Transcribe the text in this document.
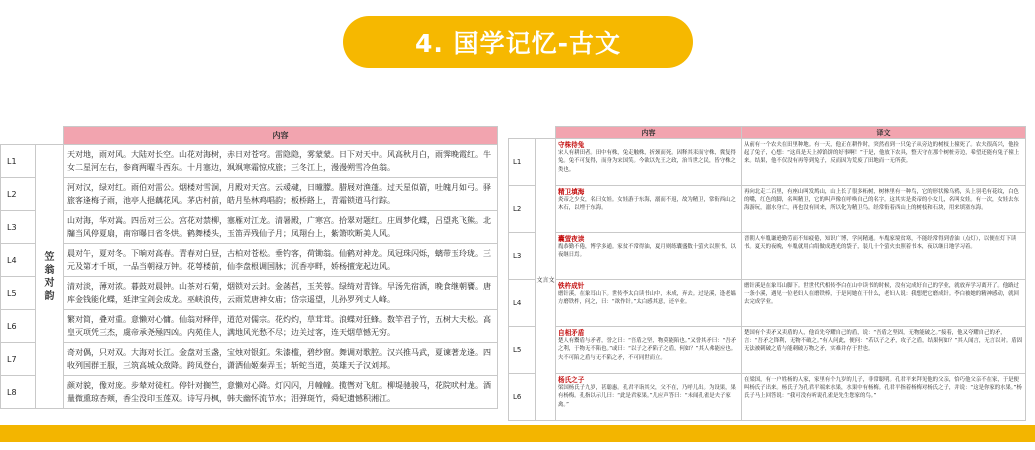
4. 国学记忆-古文
		内容
L1	笠翁对韵	天对地，雨对风。大陆对长空。山花对海树，赤日对苍穹。雷隐隐，雾蒙蒙。日下对天中。风高秋月白，雨霁晚霞红。牛女二星河左右，参商两曜斗西东。十月塞边，飒飒寒霜惊戍旅；三冬江上，漫漫朔雪冷鱼翁。
L2		河对汉，绿对红。雨伯对雷公。烟楼对雪洞，月殿对天宫。云叆叇，日曈朦。腊屐对渔蓬。过天星似箭，吐魄月如弓。驿旅客逢梅子雨，池亭人挹藕花风。茅店村前，皓月坠林鸡唱韵；板桥路上，青霜锁道马行踪。
L3		山对海，华对嵩。四岳对三公。宫花对禁柳，塞雁对江龙。清暑殿，广寒宫。拾翠对题红。庄周梦化蝶，吕望兆飞熊。北牖当风停夏扇，南帘曝日省冬烘。鹤舞楼头，玉笛弄残仙子月；凤翔台上，紫箫吹断美人风。
L4		晨对午，夏对冬。下晌对高春。青春对白昼，古柏对苍松。垂钓客，荷锄翁。仙鹤对神龙。凤冠珠闪烁，螭带玉玲珑。三元及第才千顷，一品当朝禄万钟。花萼楼前，仙李盘根调国脉；沉香亭畔，娇杨擅宠起边风。
L5		清对淡，薄对浓。暮鼓对晨钟。山茶对石菊，烟锁对云封。金菡萏，玉芙蓉。绿绮对青锋。早汤先宿酒，晚食继朝饔。唐库金钱能化蝶，延津宝剑会成龙。巫峡浪传，云雨荒唐神女庙；岱宗遥望，儿孙罗列丈人峰。
L6		繁对简，叠对重。意懒对心慵。仙翁对释伴，道范对儒宗。花灼灼，草茸茸。浪蝶对狂蜂。数竿君子竹，五树大夫松。高皇灭项凭三杰，虞帝承尧殛四凶。内苑佳人，满地风光愁不尽；边关过客，连天烟草憾无穷。
L7		奇对偶，只对双。大海对长江。金盘对玉盏，宝烛对银釭。朱漆槛，碧纱窗。舞调对歌腔。汉兴推马武，夏谏著龙逢。四收列国群王服，三筑高城众敌降。跨凤登台，潇洒仙姬秦弄玉；斩蛇当道，英雄天子汉刘邦。
L8		颜对貌，像对庞。步辇对徒杠。停针对搁竺，意懒对心降。灯闪闪，月幢幢。揽辔对飞舡。柳堤驰骏马，花院吠村尨。酒量微熏琼杏颊，香尘没印玉莲双。诗写丹枫，韩夫幽怀流节水；泪弹斑竹，舜妃遗憾积湘江。
		内容	译文
L1	文言文	守株待兔
宋人有耕田者。田中有株，兔走触株，折颈而死。因释其耒而守株，冀复得兔。兔不可复得，而身为宋国笑。今欲以先王之政，治当世之民，皆守株之类也。	从前有一个农夫在田里种地。有一天，他正在耕作时，突然看到一只兔子从旁边的树枝上撞死了。农夫很高兴，他捡起了兔子，心想：“这真是天上掉馅饼的好事啊！”于是，他放下农具，整天守在那个树桩旁边，希望还能有兔子撞上来。结果，他不仅没有再等到兔子，反而因为荒废了田地而一无所获。
L2		精卫填海
炎帝之少女，名曰女娃。女娃游于东海，溺而不返，故为精卫，常衔西山之木石，以堙于东海。	再向北走二百里，有座山叫发鸠山，山上长了很多柘树，树林里有一种鸟，它的形状像乌鸦，头上羽毛有花纹，白色的嘴，红色的脚，名叫精卫，它的叫声像在呼唤自己的名字。这其实是炎帝的小女儿，名叫女娃。有一次，女娃去东海游玩，溺水身亡，再也没有回来，所以化为精卫鸟。经常衔着西山上的树枝和石块，用来填塞东海。
L3		囊萤夜读
胤恭勤不倦，博学多通。家贫不常得油，夏月则练囊盛数十萤火以照书，以夜继日焉。	晋朝人车胤谦逊勤劳而不知疲倦，知识广博，学问精通。车胤家境贫寒，不能经常得到香油（点灯），以便在灯下读书。夏天的夜晚，车胤就用白绢做成透光的袋子，装几十个萤火虫照着书本，夜以继日地学习着。
L4		铁杵成针
磨针溪，在象耳山下。世传李太白读书山中，未成，弃去。过是溪，逢老媪方磨铁杵，问之，曰：“欲作针。”太白感其意，还卒业。	磨针溪是在象耳山脚下。世世代代相传李白在山中读书的时候，没有完成好自己的学业，就放弃学习离开了。他路过一条小溪，遇见一位老妇人在磨铁棒，于是问她在干什么，老妇人说：我想把它磨成针。李白被她的精神感动，就回去完成学业。
L5		自相矛盾
楚人有鬻盾与矛者，誉之曰：“吾盾之坚，物莫能陷也。”又誉其矛曰：“吾矛之利，于物无不陷也。”或曰：“以子之矛陷子之盾，何如？”其人弗能应也。夫不可陷之盾与无不陷之矛，不可同世而立。	楚国有个卖矛又卖盾的人，他首先夸耀自己的盾，说：“吾盾之坚固，无物能破之。”接着，他又夸耀自己的矛，言：“吾矛之锋利，无物不破之。”有人问此，便问：“若以子之矛，攻子之盾，结果何如？”其人闻言，无言以对。盾固无法被刺破之盾与能刺破万物之矛，实难并存于世也。
L6		杨氏之子
梁国杨氏子九岁，甚聪惠。孔君平诣其父，父不在，乃呼儿出。为设果，果有杨梅。孔指以示儿曰：“此是君家果。”儿应声答曰：“未闻孔雀是夫子家禽。”	在梁国，有一户姓杨的人家，家里有个九岁的儿子，非常聪明。孔君平来拜见他的父亲，恰巧他父亲不在家，于是便叫杨氏子出来。杨氏子为孔君平端来水果，水果中有杨梅。孔君平指着杨梅对杨氏之子，并说：“这是你家的水果。”杨氏子马上回答说：“我可没有听说孔雀是先生您家的鸟。”
